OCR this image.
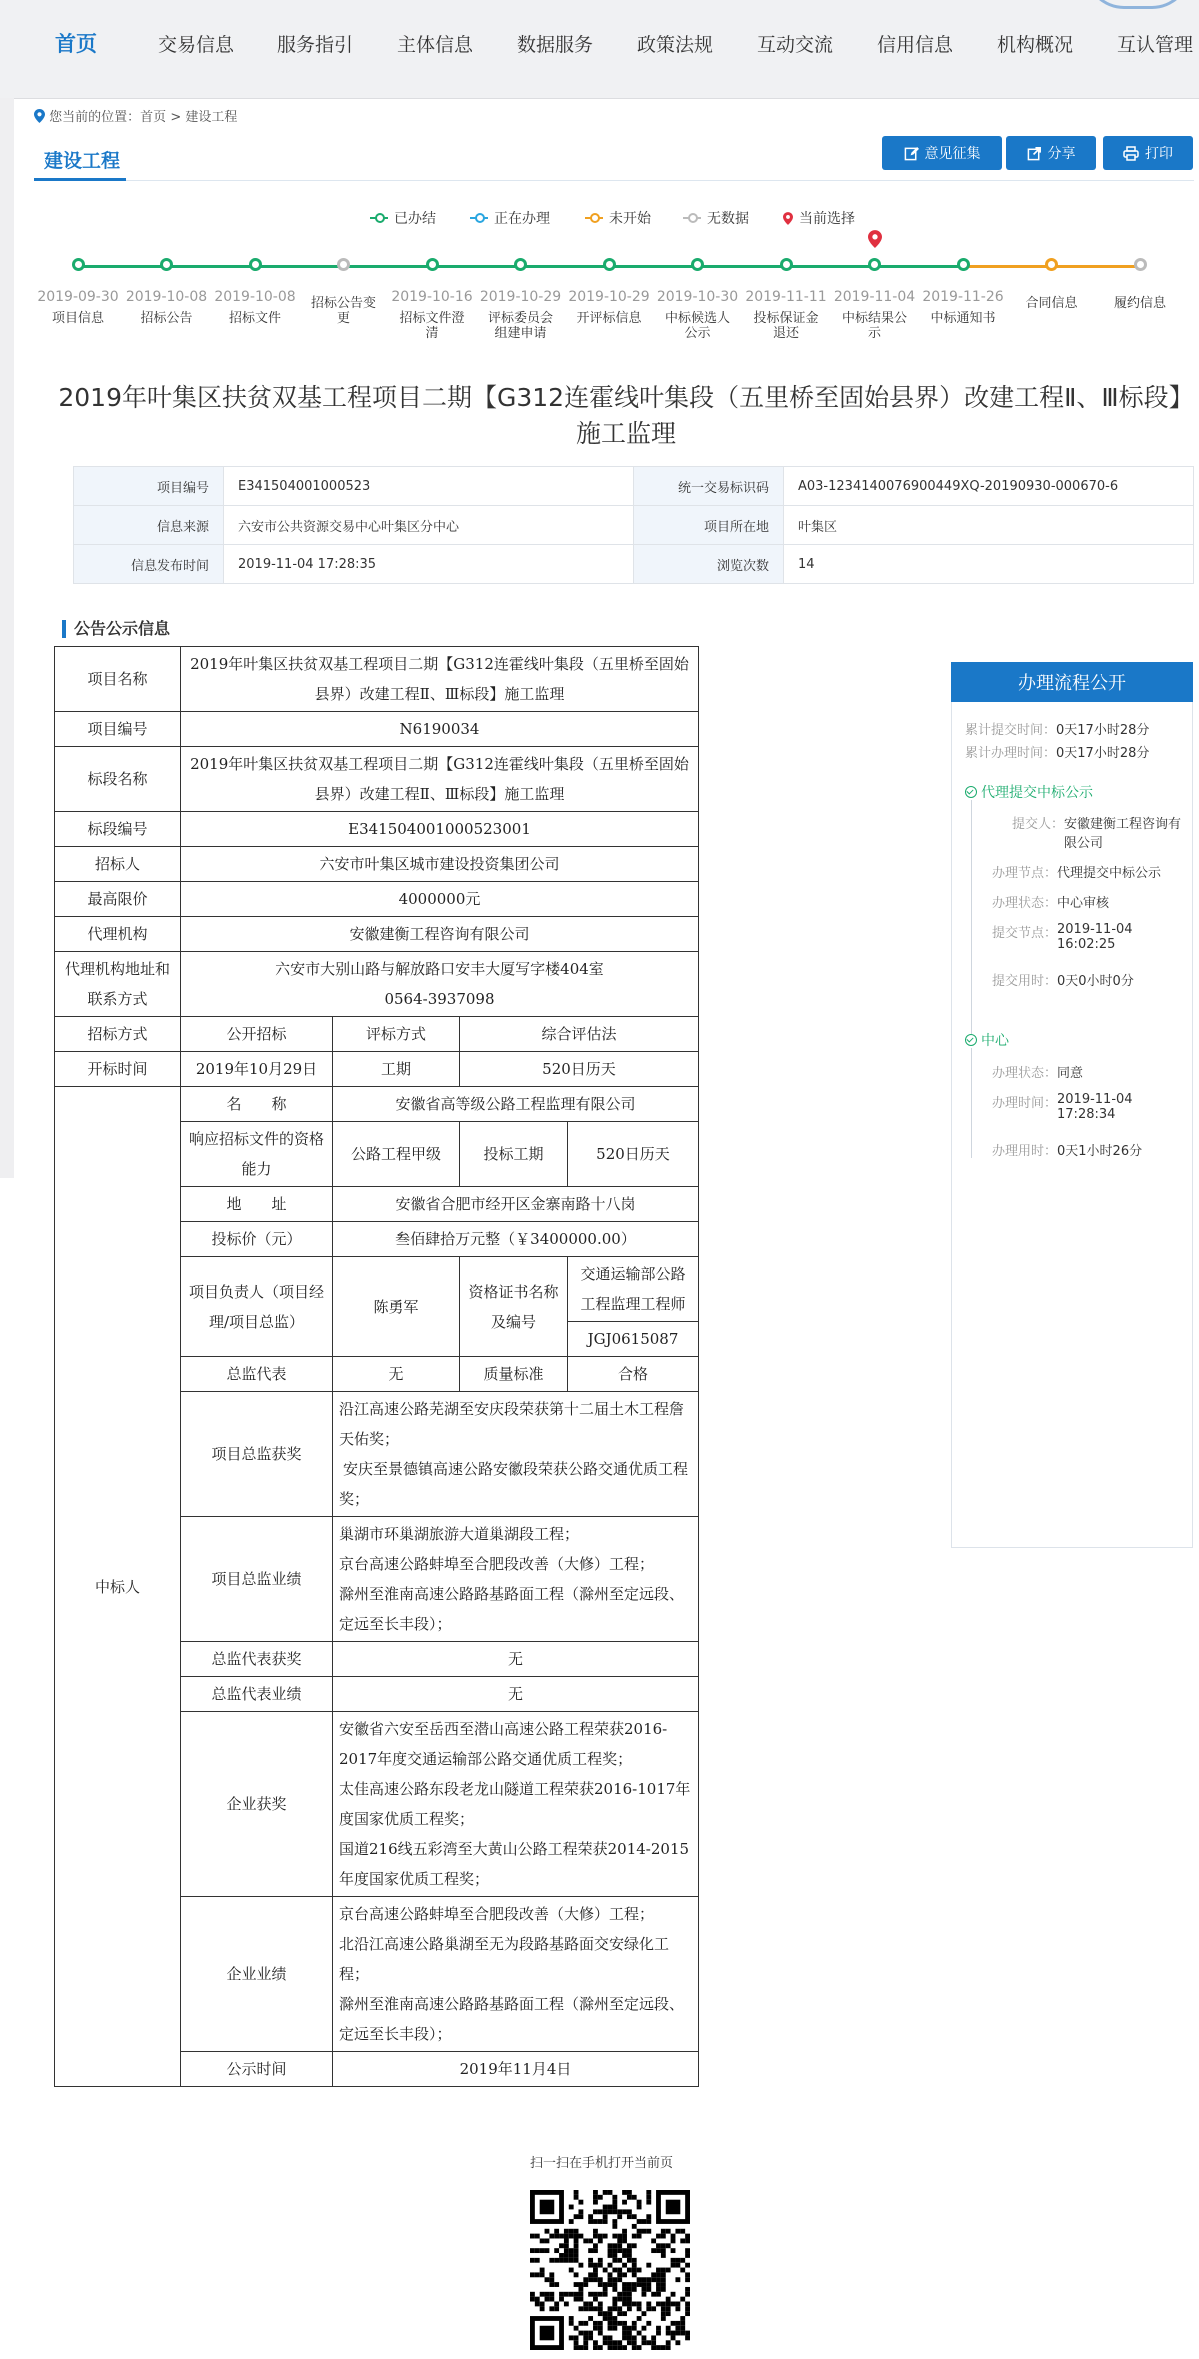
首页	交易信息 服务指引 主体信息 数据服务 政策法规 互动交流 信用信息 机构概况 互认管理
您当前的位置：首页 > 建设工程
建设工程	意见征集	分享	打印
已办结	正在办理	未开始	无数据	当前选择
2019-09-30
项目信息
2019-10-08
招标公告
2019-10-08
招标文件
招标公告变更
2019-10-16
招标文件澄清
2019-10-29
评标委员会组建申请
2019-10-29
开评标信息
2019-10-30
中标候选人公示
2019-11-11
投标保证金退还
2019-11-04
中标结果公示
2019-11-26
中标通知书
合同信息	履约信息
2019年叶集区扶贫双基工程项目二期【G312连霍线叶集段（五里桥至固始县界）改建工程Ⅱ、Ⅲ标段】施工监理
项目编号	E341504001000523	统一交易标识码	A03-1234140076900449XQ-20190930-000670-6
信息来源	六安市公共资源交易中心叶集区分中心	项目所在地	叶集区
信息发布时间	2019-11-04 17:28:35	浏览次数	14
公告公示信息
项目名称	2019年叶集区扶贫双基工程项目二期【G312连霍线叶集段（五里桥至固始县界）改建工程Ⅱ、Ⅲ标段】施工监理			
项目编号	N6190034			
标段名称	2019年叶集区扶贫双基工程项目二期【G312连霍线叶集段（五里桥至固始县界）改建工程Ⅱ、Ⅲ标段】施工监理			
标段编号	E341504001000523001			
招标人	六安市叶集区城市建设投资集团公司			
最高限价	4000000元			
代理机构	安徽建衡工程咨询有限公司			
代理机构地址和联系方式	六安市大别山路与解放路口安丰大厦写字楼404室
0564-3937098			

招标方式	公开招标	评标方式	综合评估法	
开标时间	2019年10月29日	工期	520日历天	
中标人	名　　称	安徽省高等级公路工程监理有限公司		
	响应招标文件的资格能力	公路工程甲级	投标工期	520日历天
	地　　址	安徽省合肥市经开区金寨南路十八岗		
	投标价（元）	叁佰肆拾万元整（￥3400000.00）		
	项目负责人（项目经理/项目总监）	陈勇军	资格证书名称及编号	交通运输部公路工程监理工程师
				JGJ0615087
	总监代表	无	质量标准	合格
	项目总监获奖	沿江高速公路芜湖至安庆段荣获第十二届土木工程詹天佑奖；
安庆至景德镇高速公路安徽段荣获公路交通优质工程
奖；		

	项目总监业绩	巢湖市环巢湖旅游大道巢湖段工程；
京台高速公路蚌埠至合肥段改善（大修）工程；
滁州至淮南高速公路路基路面工程（滁州至定远段、定远至长丰段）；		

	总监代表获奖	无		
	总监代表业绩	无		
	企业获奖	安徽省六安至岳西至潜山高速公路工程荣获2016-2017年度交通运输部公路交通优质工程奖；
太佳高速公路东段老龙山隧道工程荣获2016-1017年度国家优质工程奖；
国道216线五彩湾至大黄山公路工程荣获2014-2015年度国家优质工程奖；		

	企业业绩	京台高速公路蚌埠至合肥段改善（大修）工程；
北沿江高速公路巢湖至无为段路基路面交安绿化工程；
滁州至淮南高速公路路基路面工程（滁州至定远段、定远至长丰段）；		

	公示时间	2019年11月4日		
办理流程公开
累计提交时间：0天17小时28分
累计办理时间：0天17小时28分
代理提交中标公示
提交人：安徽建衡工程咨询有限公司
办理节点：代理提交中标公示
办理状态：中心审核
提交节点：2019-11-04
16:02:25
提交用时：0天0小时0分
中心
办理状态：同意
办理时间：2019-11-04
17:28:34
办理用时：0天1小时26分
扫一扫在手机打开当前页
